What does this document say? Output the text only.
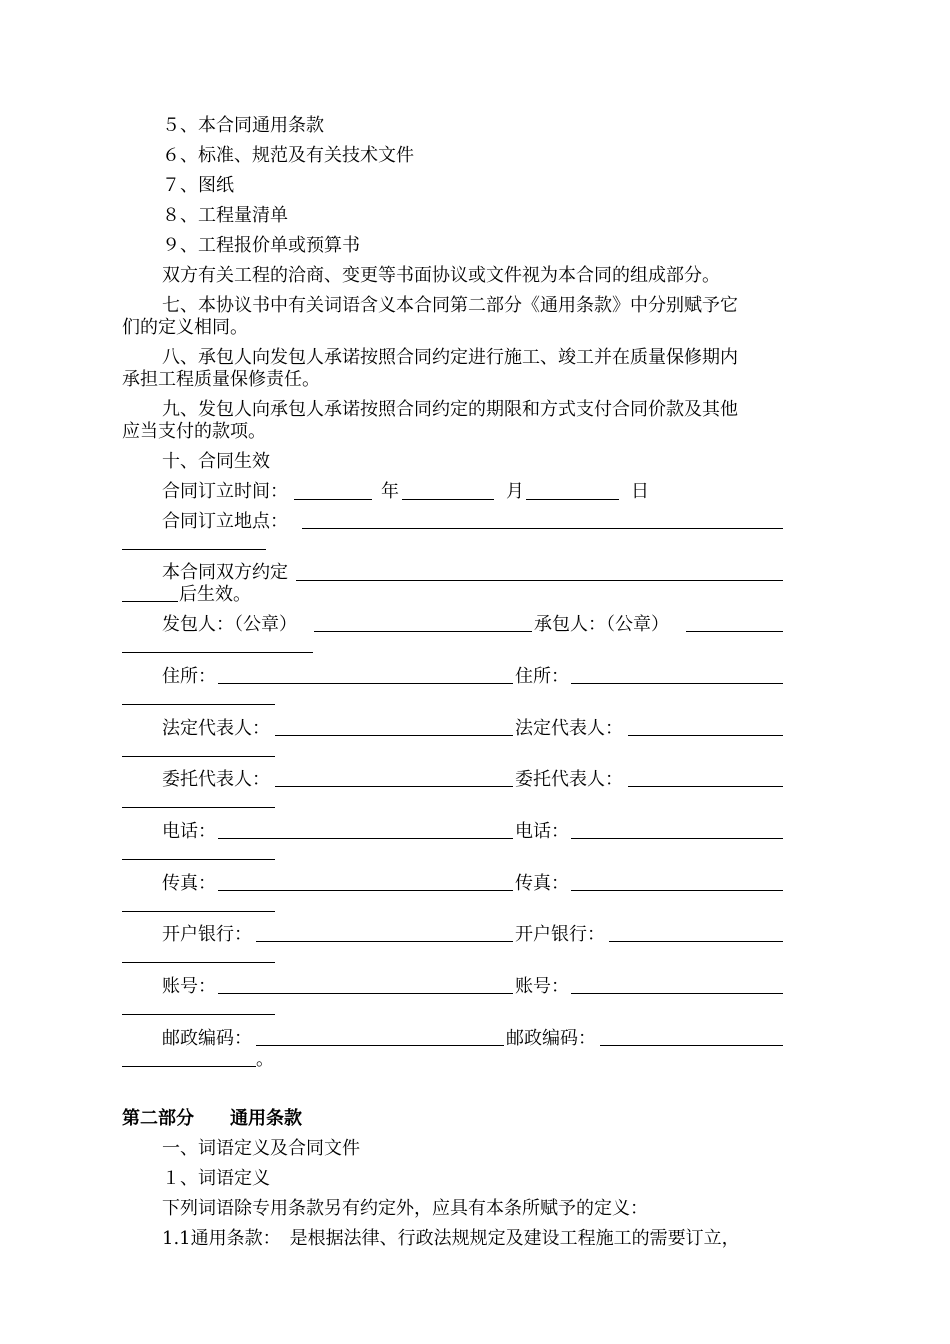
５、本合同通用条款
６、标准、规范及有关技术文件
７、图纸
８、工程量清单
９、工程报价单或预算书
双方有关工程的洽商、变更等书面协议或文件视为本合同的组成部分。
七、本协议书中有关词语含义本合同第二部分《通用条款》中分别赋予它
们的定义相同。
八、承包人向发包人承诺按照合同约定进行施工、竣工并在质量保修期内
承担工程质量保修责任。
九、发包人向承包人承诺按照合同约定的期限和方式支付合同价款及其他
应当支付的款项。
十、合同生效
合同订立时间：	年	月	日
合同订立地点：
本合同双方约定
后生效。
发包人：（公章）	承包人：（公章）
住所：	住所：
法定代表人：	法定代表人：
委托代表人：	委托代表人：
电话：	电话：
传真：	传真：
开户银行：	开户银行：
账号：	账号：
邮政编码：	邮政编码：
。
第二部分　　通用条款
一、词语定义及合同文件
１、词语定义
下列词语除专用条款另有约定外，应具有本条所赋予的定义：
1.1通用条款：　是根据法律、行政法规规定及建设工程施工的需要订立，
